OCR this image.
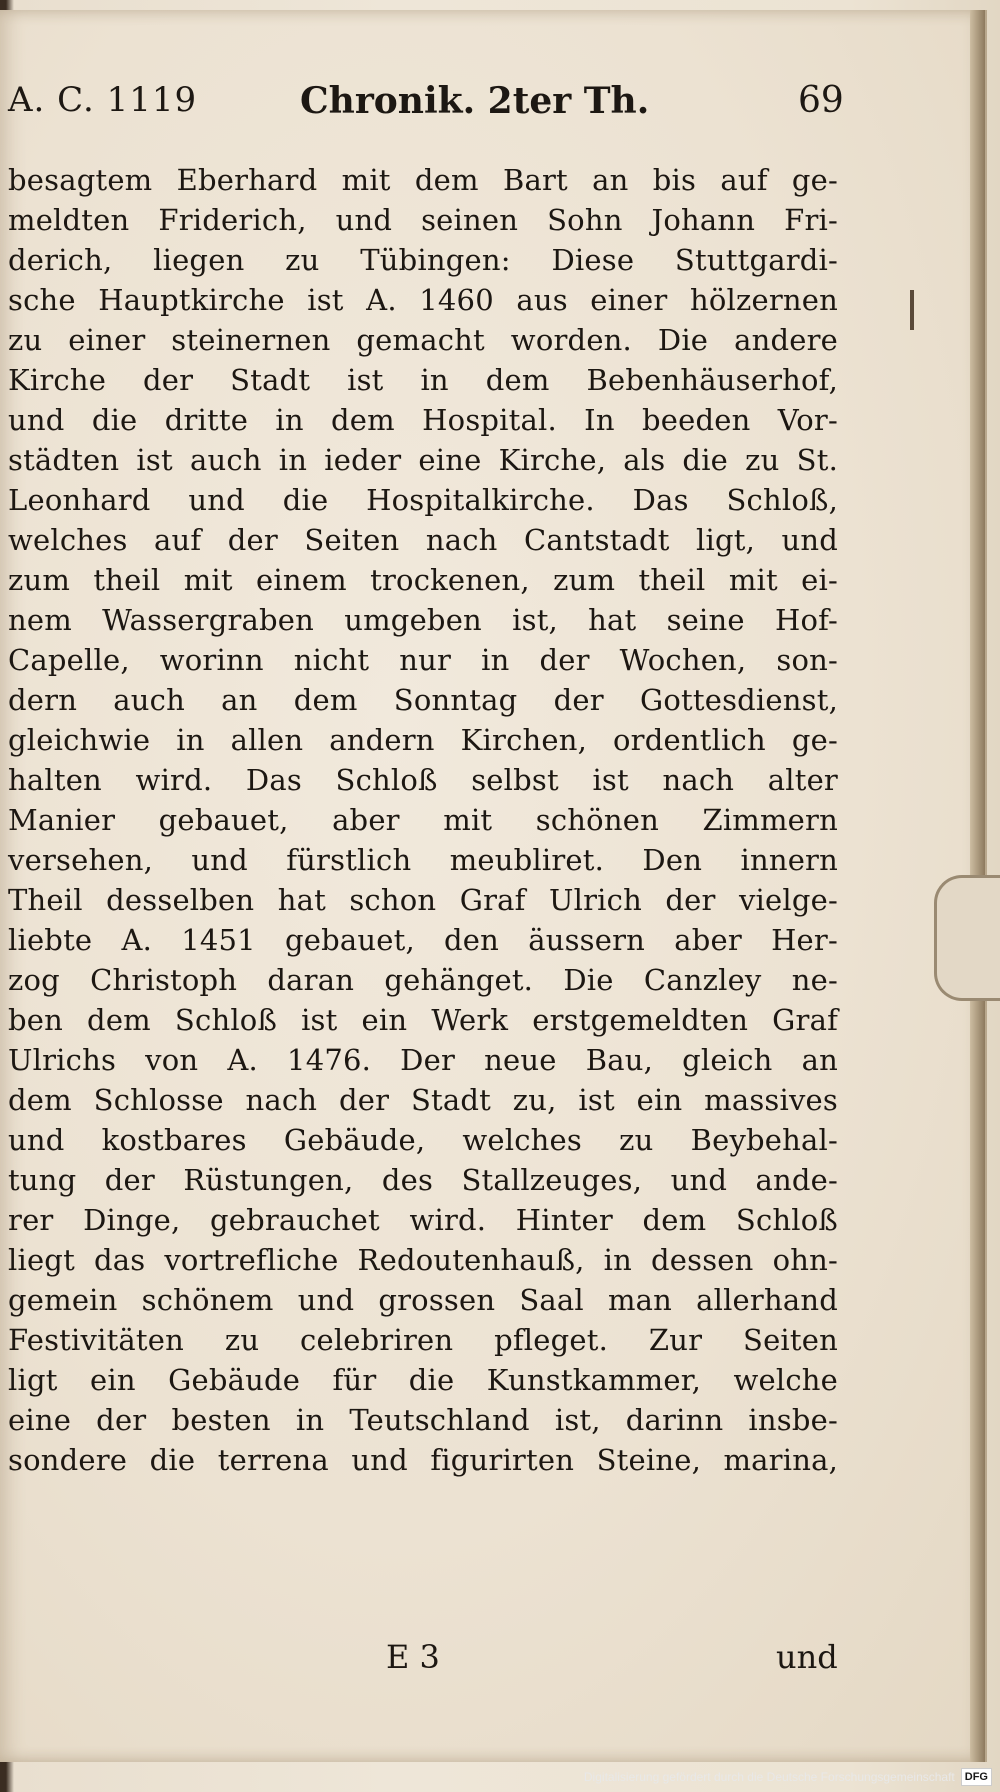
A. C. 1119	Chronik. 2ter Th.	69
besagtem Eberhard mit dem Bart an bis auf ge-
meldten Friderich, und seinen Sohn Johann Fri-
derich, liegen zu Tübingen: Diese Stuttgardi-
sche Hauptkirche ist A. 1460 aus einer hölzernen
zu einer steinernen gemacht worden. Die andere
Kirche der Stadt ist in dem Bebenhäuserhof,
und die dritte in dem Hospital. In beeden Vor-
städten ist auch in ieder eine Kirche, als die zu St.
Leonhard und die Hospitalkirche. Das Schloß,
welches auf der Seiten nach Cantstadt ligt, und
zum theil mit einem trockenen, zum theil mit ei-
nem Wassergraben umgeben ist, hat seine Hof-
Capelle, worinn nicht nur in der Wochen, son-
dern auch an dem Sonntag der Gottesdienst,
gleichwie in allen andern Kirchen, ordentlich ge-
halten wird. Das Schloß selbst ist nach alter
Manier gebauet, aber mit schönen Zimmern
versehen, und fürstlich meubliret. Den innern
Theil desselben hat schon Graf Ulrich der vielge-
liebte A. 1451 gebauet, den äussern aber Her-
zog Christoph daran gehänget. Die Canzley ne-
ben dem Schloß ist ein Werk erstgemeldten Graf
Ulrichs von A. 1476. Der neue Bau, gleich an
dem Schlosse nach der Stadt zu, ist ein massives
und kostbares Gebäude, welches zu Beybehal-
tung der Rüstungen, des Stallzeuges, und ande-
rer Dinge, gebrauchet wird. Hinter dem Schloß
liegt das vortrefliche Redoutenhauß, in dessen ohn-
gemein schönem und grossen Saal man allerhand
Festivitäten zu celebriren pfleget. Zur Seiten
ligt ein Gebäude für die Kunstkammer, welche
eine der besten in Teutschland ist, darinn insbe-
sondere die terrena und figurirten Steine, marina,
E 3	und
Digitalisierung gefördert durch die Deutsche Forschungsgemeinschaft DFG
